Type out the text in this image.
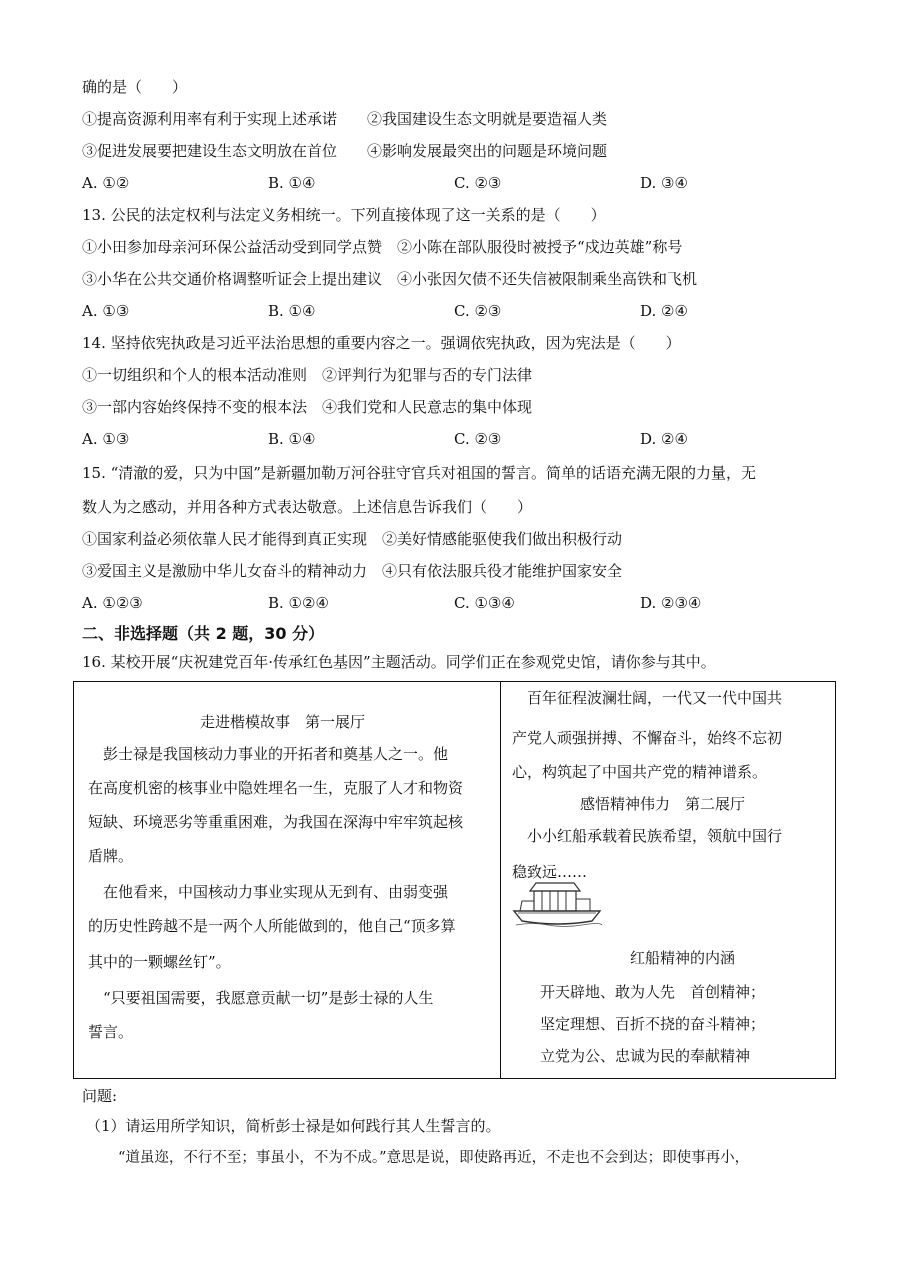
确的是（　　）
①提高资源利用率有利于实现上述承诺　　②我国建设生态文明就是要造福人类
③促进发展要把建设生态文明放在首位　　④影响发展最突出的问题是环境问题
A. ①②	B. ①④	C. ②③	D. ③④
13. 公民的法定权利与法定义务相统一。下列直接体现了这一关系的是（　　）
①小田参加母亲河环保公益活动受到同学点赞　②小陈在部队服役时被授予“戍边英雄”称号
③小华在公共交通价格调整听证会上提出建议　④小张因欠债不还失信被限制乘坐高铁和飞机
A. ①③	B. ①④	C. ②③	D. ②④
14. 坚持依宪执政是习近平法治思想的重要内容之一。强调依宪执政，因为宪法是（　　）
①一切组织和个人的根本活动准则　②评判行为犯罪与否的专门法律
③一部内容始终保持不变的根本法　④我们党和人民意志的集中体现
A. ①③	B. ①④	C. ②③	D. ②④
15. “清澈的爱，只为中国”是新疆加勒万河谷驻守官兵对祖国的誓言。简单的话语充满无限的力量，无
数人为之感动，并用各种方式表达敬意。上述信息告诉我们（　　）
①国家利益必须依靠人民才能得到真正实现　②美好情感能驱使我们做出积极行动
③爱国主义是激励中华儿女奋斗的精神动力　④只有依法服兵役才能维护国家安全
A. ①②③	B. ①②④	C. ①③④	D. ②③④
二、非选择题（共 2 题，30 分）
16. 某校开展“庆祝建党百年·传承红色基因”主题活动。同学们正在参观党史馆，请你参与其中。
走进楷模故事　第一展厅
　彭士禄是我国核动力事业的开拓者和奠基人之一。他
在高度机密的核事业中隐姓埋名一生，克服了人才和物资
短缺、环境恶劣等重重困难，为我国在深海中牢牢筑起核
盾牌。
　在他看来，中国核动力事业实现从无到有、由弱变强
的历史性跨越不是一两个人所能做到的，他自己“顶多算
其中的一颗螺丝钉”。
　“只要祖国需要，我愿意贡献一切”是彭士禄的人生
誓言。
　百年征程波澜壮阔，一代又一代中国共
产党人顽强拼搏、不懈奋斗，始终不忘初
心，构筑起了中国共产党的精神谱系。
感悟精神伟力　第二展厅
　小小红船承载着民族希望，领航中国行
稳致远……
红船精神的内涵
开天辟地、敢为人先　首创精神；
坚定理想、百折不挠的奋斗精神；
立党为公、忠诚为民的奉献精神
问题:
（1）请运用所学知识，简析彭士禄是如何践行其人生誓言的。
“道虽迩，不行不至；事虽小，不为不成。”意思是说，即使路再近，不走也不会到达；即使事再小，
